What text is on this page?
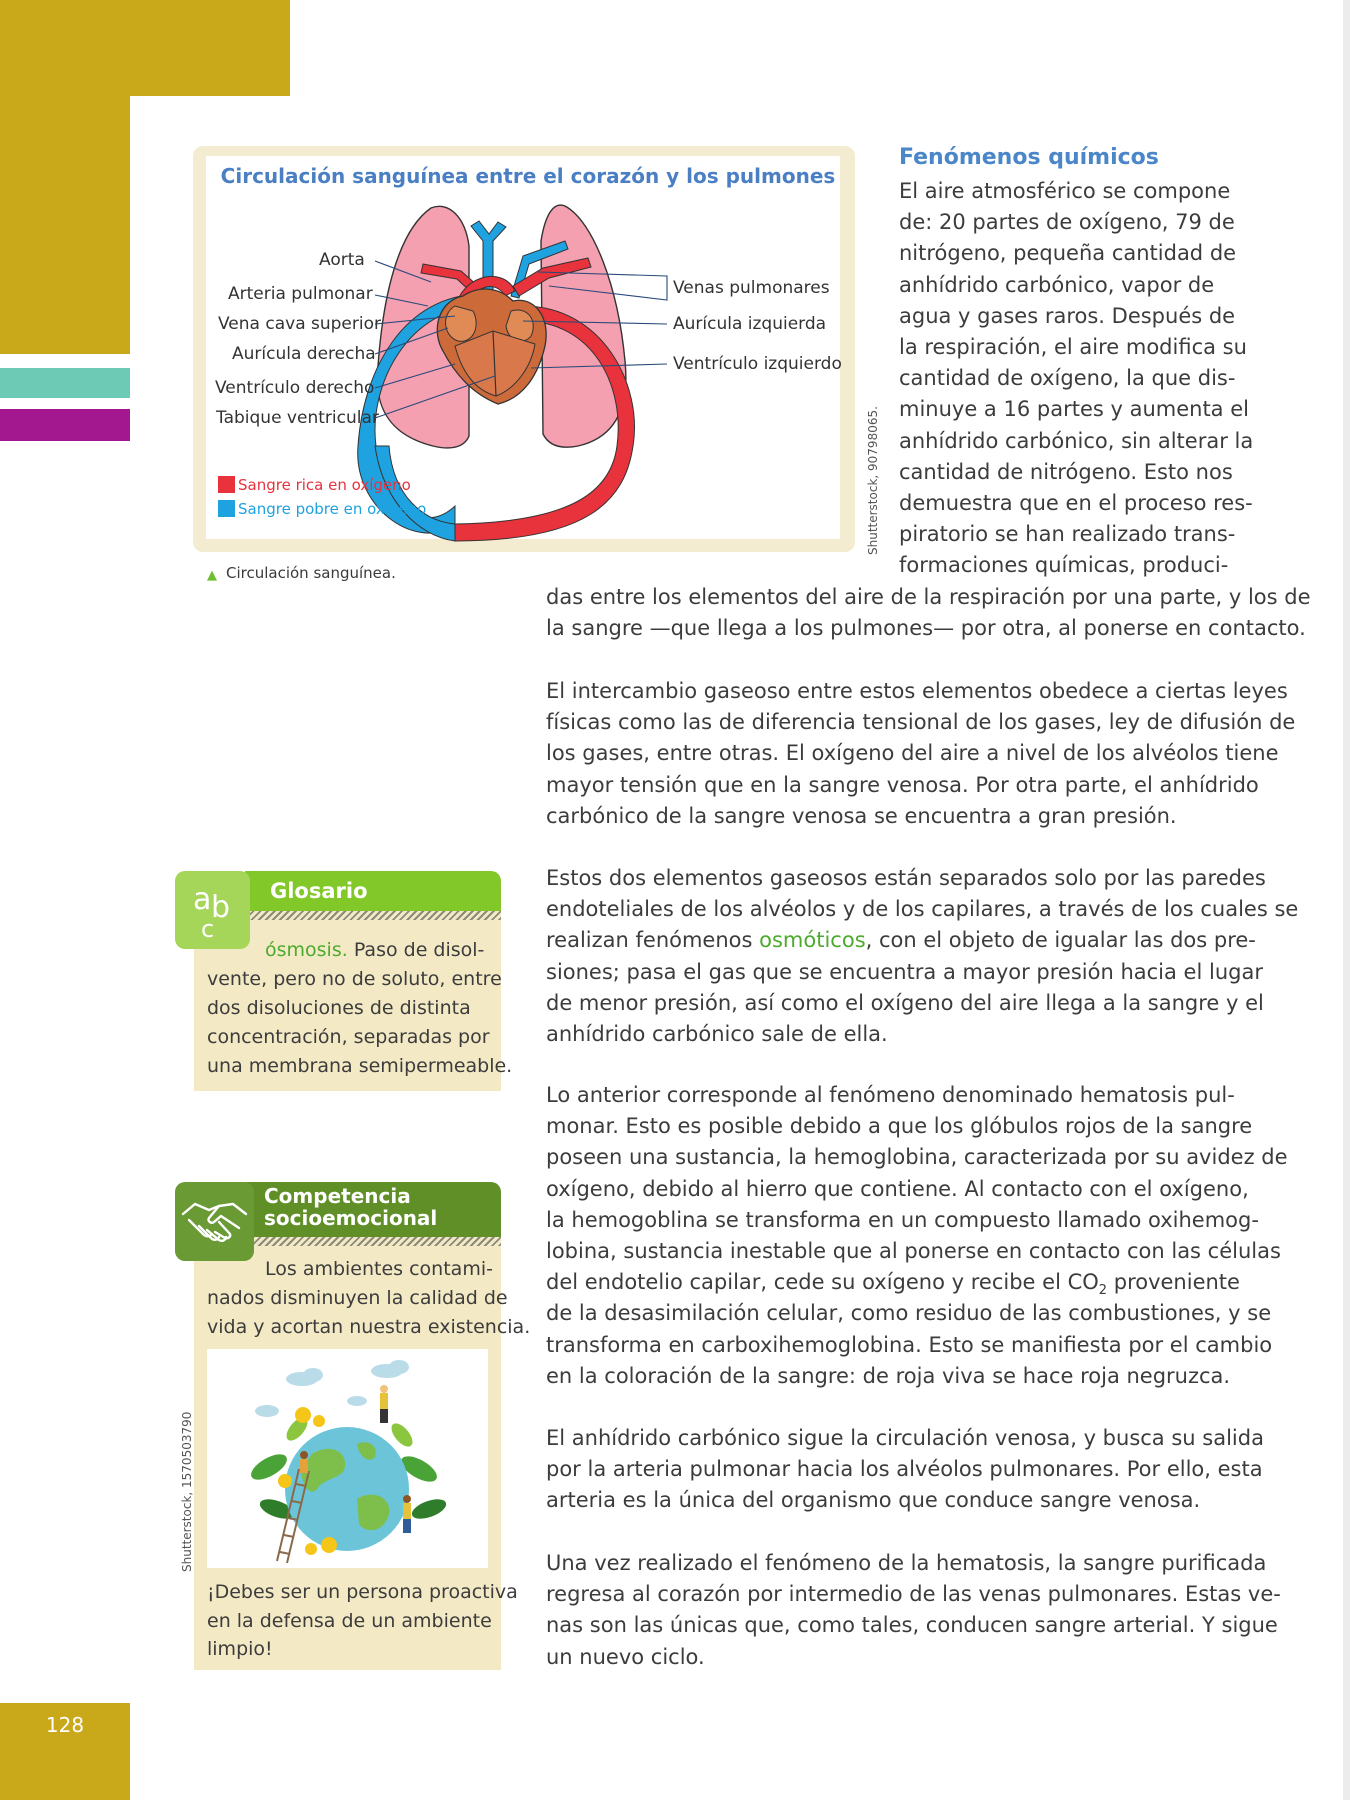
128
Circulación sanguínea entre el corazón y los pulmones
Aorta
Arteria pulmonar
Vena cava superior
Aurícula derecha
Ventrículo derecho
Tabique ventricular
Venas pulmonares
Aurícula izquierda
Ventrículo izquierdo
Sangre rica en oxígeno
Sangre pobre en oxígeno	Shutterstock, 90798065.
▲ Circulación sanguínea.
Fenómenos químicos
El aire atmosférico se compone
de: 20 partes de oxígeno, 79 de
nitrógeno, pequeña cantidad de
anhídrido carbónico, vapor de
agua y gases raros. Después de
la respiración, el aire modifica su
cantidad de oxígeno, la que dis-
minuye a 16 partes y aumenta el
anhídrido carbónico, sin alterar la
cantidad de nitrógeno. Esto nos
demuestra que en el proceso res-
piratorio se han realizado trans-
formaciones químicas, produci-
das entre los elementos del aire de la respiración por una parte, y los de
la sangre —que llega a los pulmones— por otra, al ponerse en contacto.
El intercambio gaseoso entre estos elementos obedece a ciertas leyes
físicas como las de diferencia tensional de los gases, ley de difusión de
los gases, entre otras. El oxígeno del aire a nivel de los alvéolos tiene
mayor tensión que en la sangre venosa. Por otra parte, el anhídrido
carbónico de la sangre venosa se encuentra a gran presión.
Estos dos elementos gaseosos están separados solo por las paredes
endoteliales de los alvéolos y de los capilares, a través de los cuales se
realizan fenómenos osmóticos, con el objeto de igualar las dos pre-
siones; pasa el gas que se encuentra a mayor presión hacia el lugar
de menor presión, así como el oxígeno del aire llega a la sangre y el
anhídrido carbónico sale de ella.
Lo anterior corresponde al fenómeno denominado hematosis pul-
monar. Esto es posible debido a que los glóbulos rojos de la sangre
poseen una sustancia, la hemoglobina, caracterizada por su avidez de
oxígeno, debido al hierro que contiene. Al contacto con el oxígeno,
la hemogoblina se transforma en un compuesto llamado oxihemog-
lobina, sustancia inestable que al ponerse en contacto con las células
del endotelio capilar, cede su oxígeno y recibe el $CO_2$ proveniente
de la desasimilación celular, como residuo de las combustiones, y se
transforma en carboxihemoglobina. Esto se manifiesta por el cambio
en la coloración de la sangre: de roja viva se hace roja negruzca.
El anhídrido carbónico sigue la circulación venosa, y busca su salida
por la arteria pulmonar hacia los alvéolos pulmonares. Por ello, esta
arteria es la única del organismo que conduce sangre venosa.
Una vez realizado el fenómeno de la hematosis, la sangre purificada
regresa al corazón por intermedio de las venas pulmonares. Estas ve-
nas son las únicas que, como tales, conducen sangre arterial. Y sigue
un nuevo ciclo.
Glosario
a b
c
ósmosis. Paso de disol-
vente, pero no de soluto, entre
dos disoluciones de distinta
concentración, separadas por
una membrana semipermeable.
Competencia
socioemocional
Los ambientes contami-
nados disminuyen la calidad de
vida y acortan nuestra existencia.
Shutterstock, 1570503790
¡Debes ser un persona proactiva
en la defensa de un ambiente
limpio!
